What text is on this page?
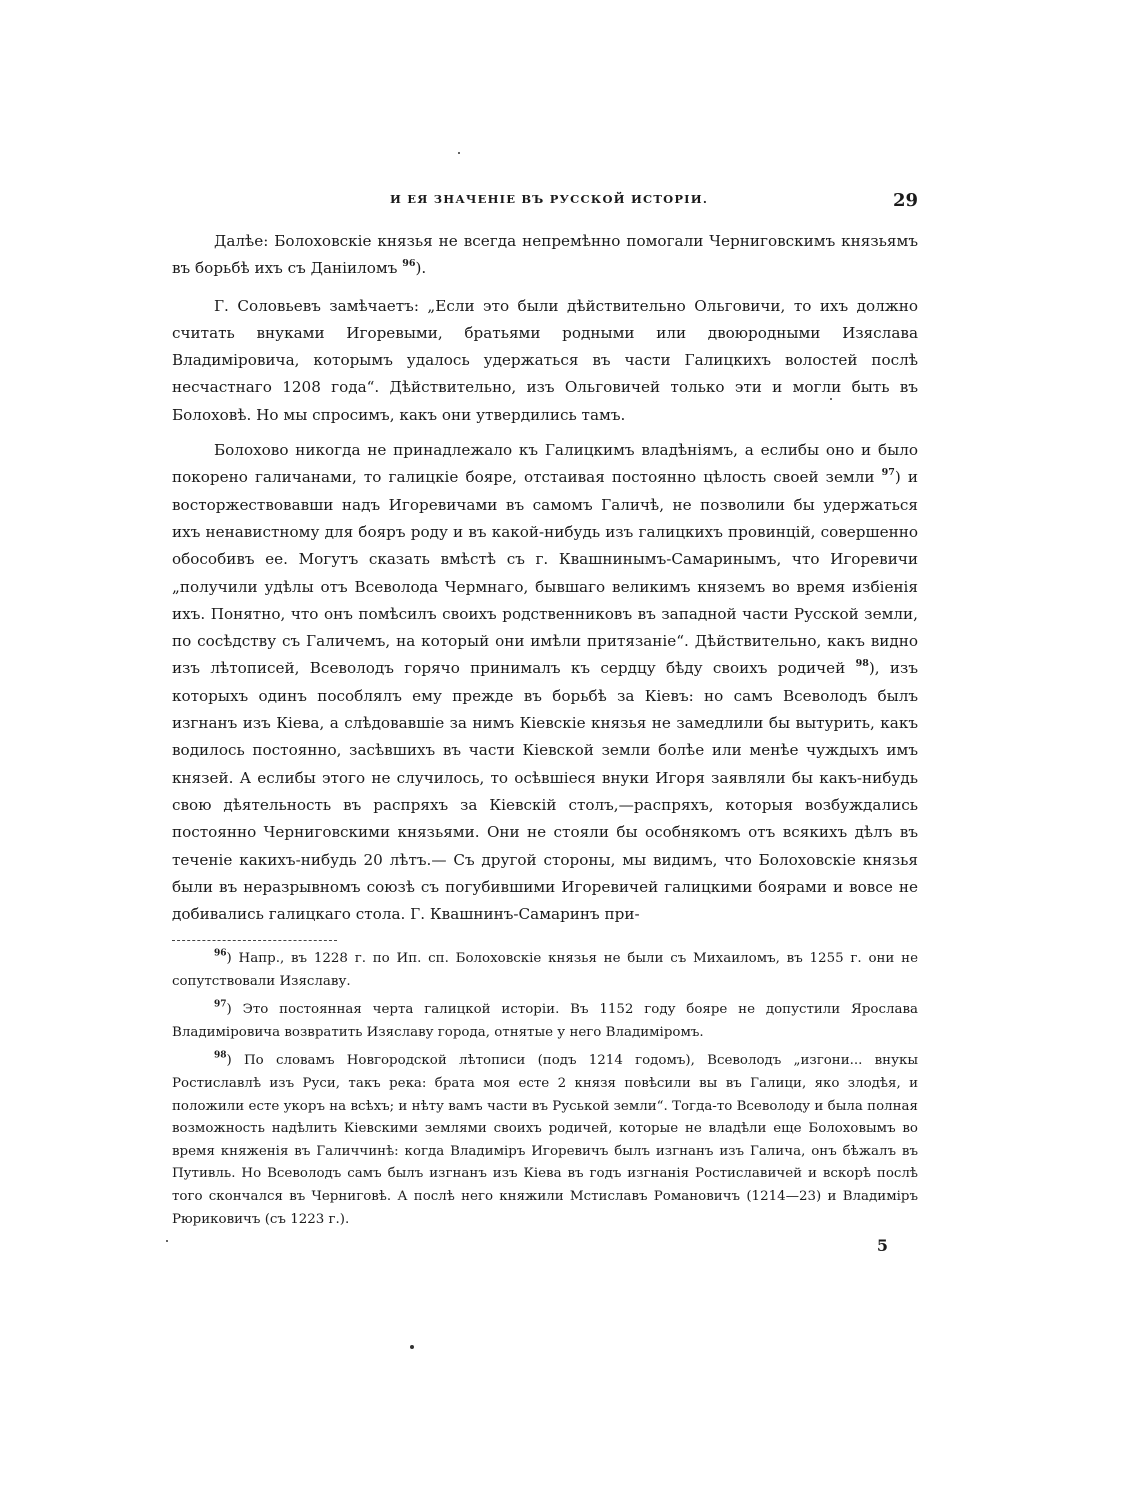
И ЕЯ ЗНАЧЕНІЕ ВЪ РУССКОЙ ИСТОРІИ.	29

Далѣе: Болоховскіе князья не всегда непремѣнно помогали Черниговскимъ князьямъ въ борьбѣ ихъ съ Даніиломъ $^{96}$).

Г. Соловьевъ замѣчаетъ: „Если это были дѣйствительно Ольговичи, то ихъ должно считать внуками Игоревыми, братьями родными или двоюродными Изяслава Владиміровича, которымъ удалось удержаться въ части Галицкихъ волостей послѣ несчастнаго 1208 года“. Дѣйствительно, изъ Ольговичей только эти и могли быть въ Болоховѣ. Но мы спросимъ, какъ они утвердились тамъ.

Болохово никогда не принадлежало къ Галицкимъ владѣніямъ, а еслибы оно и было покорено галичанами, то галицкіе бояре, отстаивая постоянно цѣлость своей земли $^{97}$) и восторжествовавши надъ Игоревичами въ самомъ Галичѣ, не позволили бы удержаться ихъ ненавистному для бояръ роду и въ какой-нибудь изъ галицкихъ провинцій, совершенно обособивъ ее. Могутъ сказать вмѣстѣ съ г. Квашнинымъ-Самаринымъ, что Игоревичи „получили удѣлы отъ Всеволода Чермнаго, бывшаго великимъ княземъ во время избіенія ихъ. Понятно, что онъ помѣсилъ своихъ родственниковъ въ западной части Русской земли, по сосѣдству съ Галичемъ, на который они имѣли притязаніе“. Дѣйствительно, какъ видно изъ лѣтописей, Всеволодъ горячо принималъ къ сердцу бѣду своихъ родичей $^{98}$), изъ которыхъ одинъ пособлялъ ему прежде въ борьбѣ за Кіевъ: но самъ Всеволодъ былъ изгнанъ изъ Кіева, а слѣдовавшіе за нимъ Кіевскіе князья не замедлили бы вытурить, какъ водилось постоянно, засѣвшихъ въ части Кіевской земли болѣе или менѣе чуждыхъ имъ князей. А еслибы этого не случилось, то осѣвшіеся внуки Игоря заявляли бы какъ-нибудь свою дѣятельность въ распряхъ за Кіевскій столъ,—распряхъ, которыя возбуждались постоянно Черниговскими князьями. Они не стояли бы особнякомъ отъ всякихъ дѣлъ въ теченіе какихъ-нибудь 20 лѣтъ.— Съ другой стороны, мы видимъ, что Болоховскіе князья были въ неразрывномъ союзѣ съ погубившими Игоревичей галицкими боярами и вовсе не добивались галицкаго стола. Г. Квашнинъ-Самаринъ при-

$^{96}$) Напр., въ 1228 г. по Ип. сп. Болоховскіе князья не были съ Михаиломъ, въ 1255 г. они не сопутствовали Изяславу.

$^{97}$) Это постоянная черта галицкой исторіи. Въ 1152 году бояре не допустили Ярослава Владиміровича возвратить Изяславу города, отнятые у него Владиміромъ.

$^{98}$) По словамъ Новгородской лѣтописи (подъ 1214 годомъ), Всеволодъ „изгони... внукы Ростиславлѣ изъ Руси, такъ река: брата моя есте 2 князя повѣсили вы въ Галици, яко злодѣя, и положили есте укоръ на всѣхъ; и нѣту вамъ части въ Руськой земли“. Тогда-то Всеволоду и была полная возможность надѣлить Кіевскими землями своихъ родичей, которые не владѣли еще Болоховымъ во время княженія въ Галиччинѣ: когда Владиміръ Игоревичъ былъ изгнанъ изъ Галича, онъ бѣжалъ въ Путивль. Но Всеволодъ самъ былъ изгнанъ изъ Кіева въ годъ изгнанія Ростиславичей и вскорѣ послѣ того скончался въ Черниговѣ. А послѣ него княжили Мстиславъ Романовичъ (1214—23) и Владиміръ Рюриковичъ (съ 1223 г.).

5
